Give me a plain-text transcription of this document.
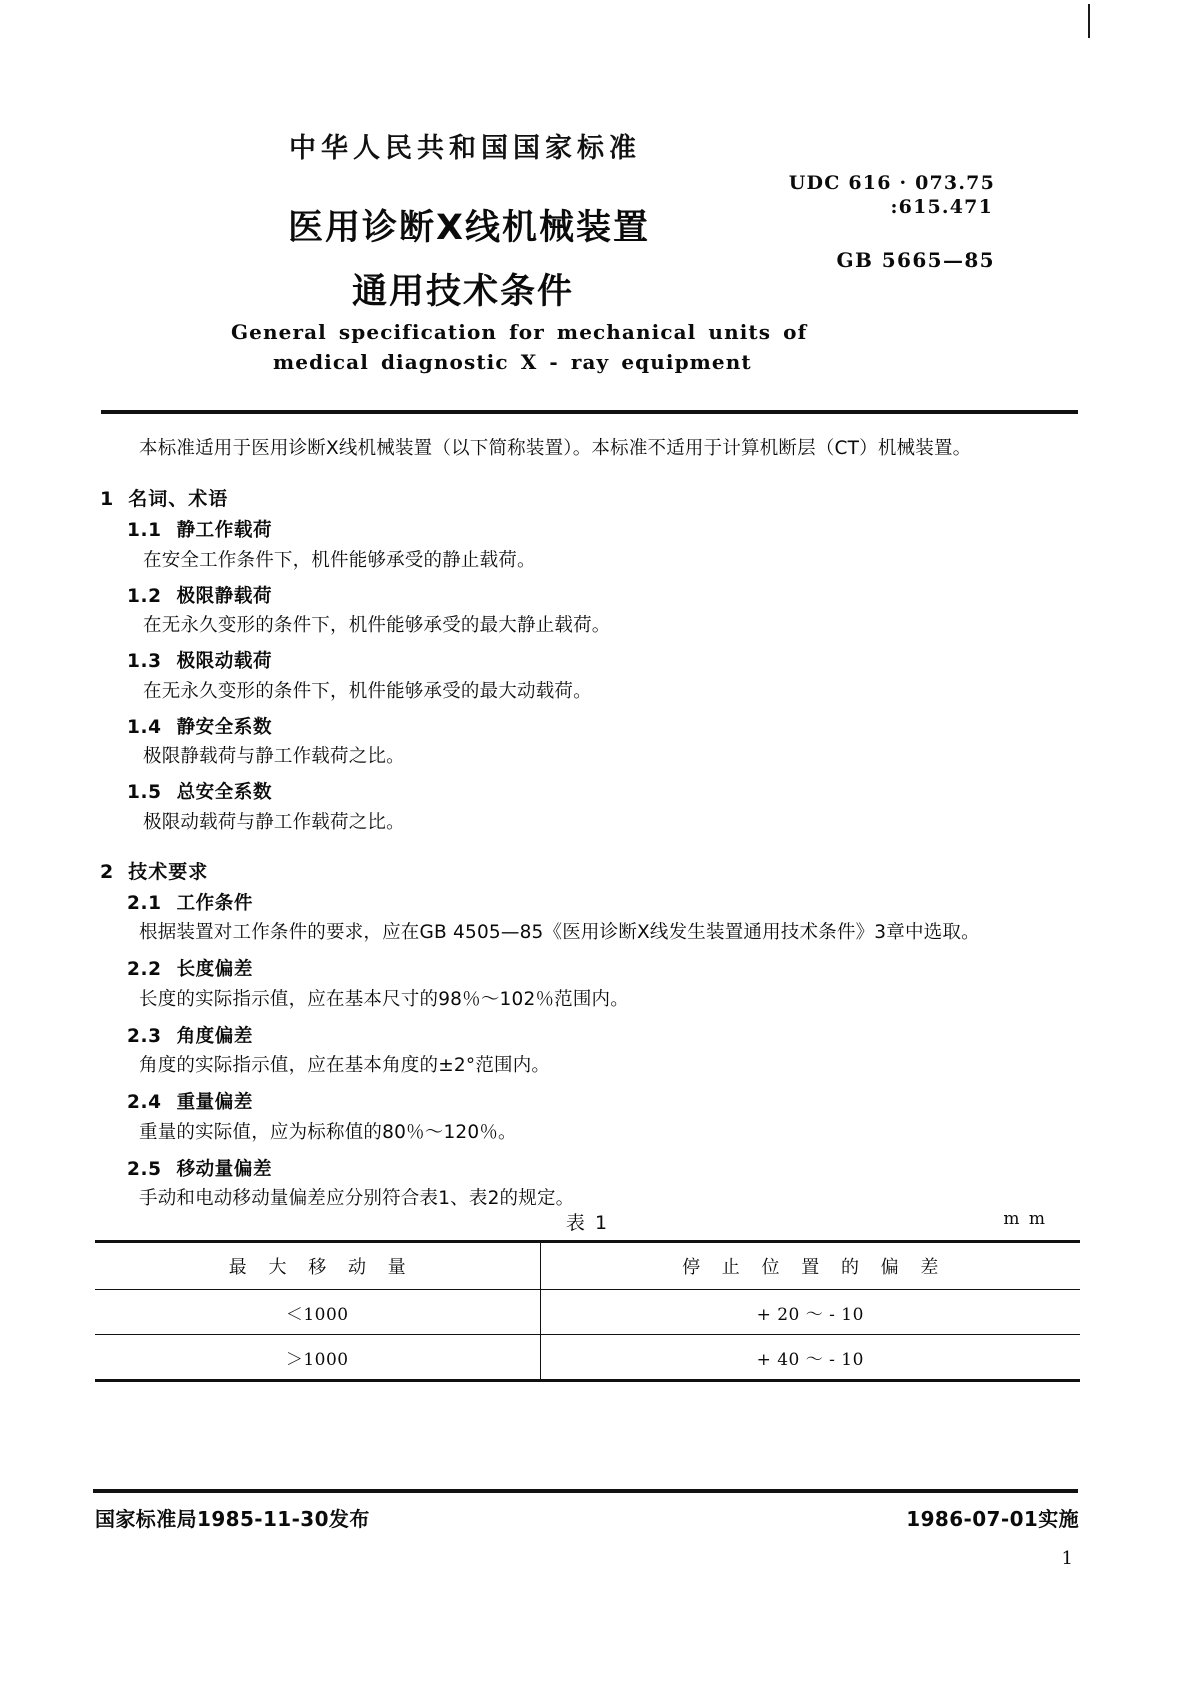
中华人民共和国国家标准
医用诊断X线机械装置
通用技术条件
General specification for mechanical units of
medical diagnostic X - ray equipment
UDC 616 · 073.75
:615.471
GB 5665—85

本标准适用于医用诊断X线机械装置（以下简称装置）。本标准不适用于计算机断层（CT）机械装置。

1 名词、术语
1.1 静工作载荷
在安全工作条件下，机件能够承受的静止载荷。
1.2 极限静载荷
在无永久变形的条件下，机件能够承受的最大静止载荷。
1.3 极限动载荷
在无永久变形的条件下，机件能够承受的最大动载荷。
1.4 静安全系数
极限静载荷与静工作载荷之比。
1.5 总安全系数
极限动载荷与静工作载荷之比。
2 技术要求
2.1 工作条件
根据装置对工作条件的要求，应在GB 4505—85《医用诊断X线发生装置通用技术条件》3章中选取。
2.2 长度偏差
长度的实际指示值，应在基本尺寸的98％～102％范围内。
2.3 角度偏差
角度的实际指示值，应在基本角度的±2°范围内。
2.4 重量偏差
重量的实际值，应为标称值的80％～120％。
2.5 移动量偏差
手动和电动移动量偏差应分别符合表1、表2的规定。
表 1	m m
最 大 移 动 量	停 止 位 置 的 偏 差
＜1000	+ 20 ～ - 10
＞1000	+ 40 ～ - 10
国家标准局1985-11-30发布	1986-07-01实施
1
